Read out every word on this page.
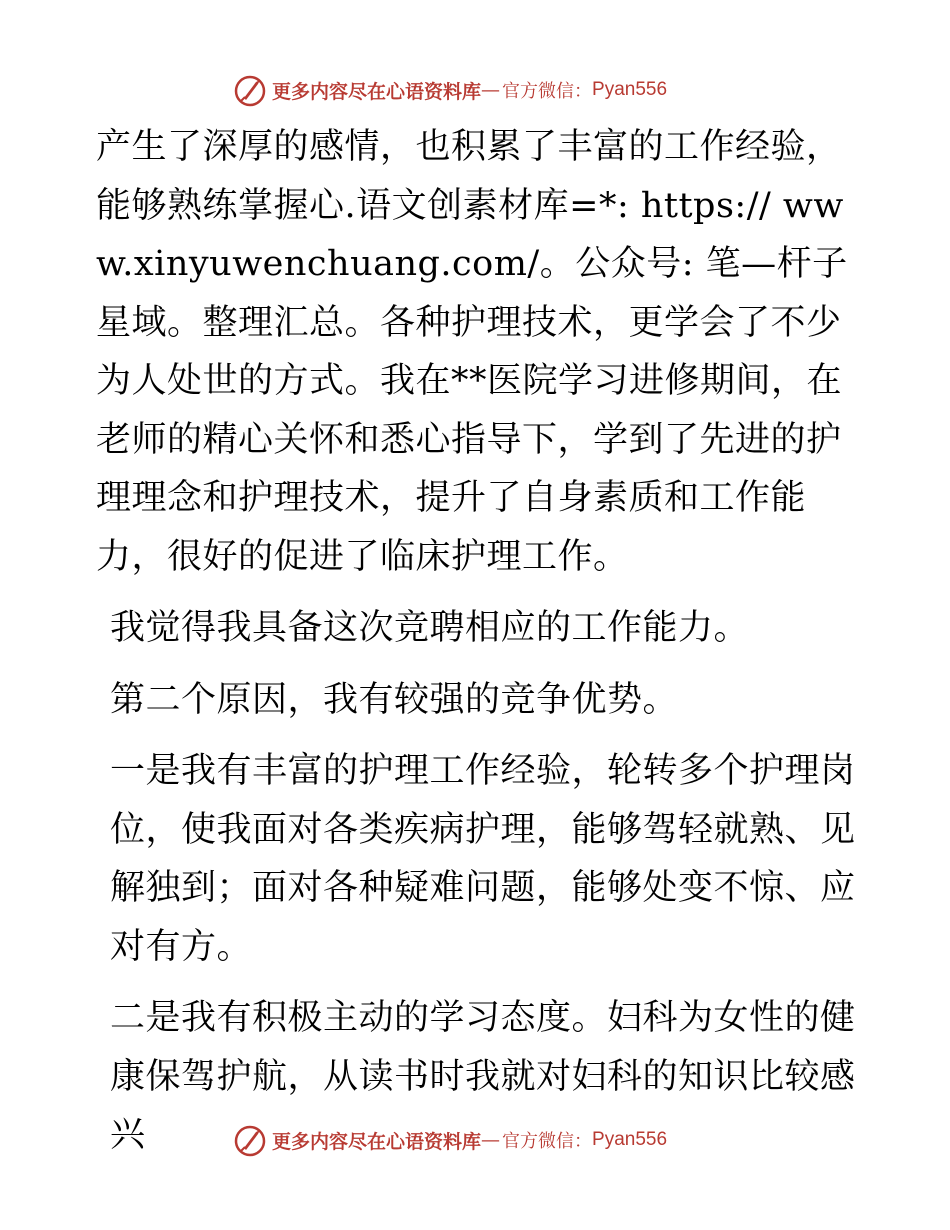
更多内容尽在心语资料库 — 官方微信： Pyan556

产生了深厚的感情，也积累了丰富的工作经验，能够熟练掌握心.语文创素材库=*: https:// www.xinyuwenchuang.com/。公众号: 笔—杆子星域。整理汇总。各种护理技术，更学会了不少为人处世的方式。我在**医院学习进修期间，在老师的精心关怀和悉心指导下，学到了先进的护理理念和护理技术，提升了自身素质和工作能力，很好的促进了临床护理工作。

我觉得我具备这次竞聘相应的工作能力。

第二个原因，我有较强的竞争优势。

一是我有丰富的护理工作经验，轮转多个护理岗位，使我面对各类疾病护理，能够驾轻就熟、见解独到；面对各种疑难问题，能够处变不惊、应对有方。

二是我有积极主动的学习态度。妇科为女性的健康保驾护航，从读书时我就对妇科的知识比较感兴	更多内容尽在心语资料库 — 官方微信： Pyan556
